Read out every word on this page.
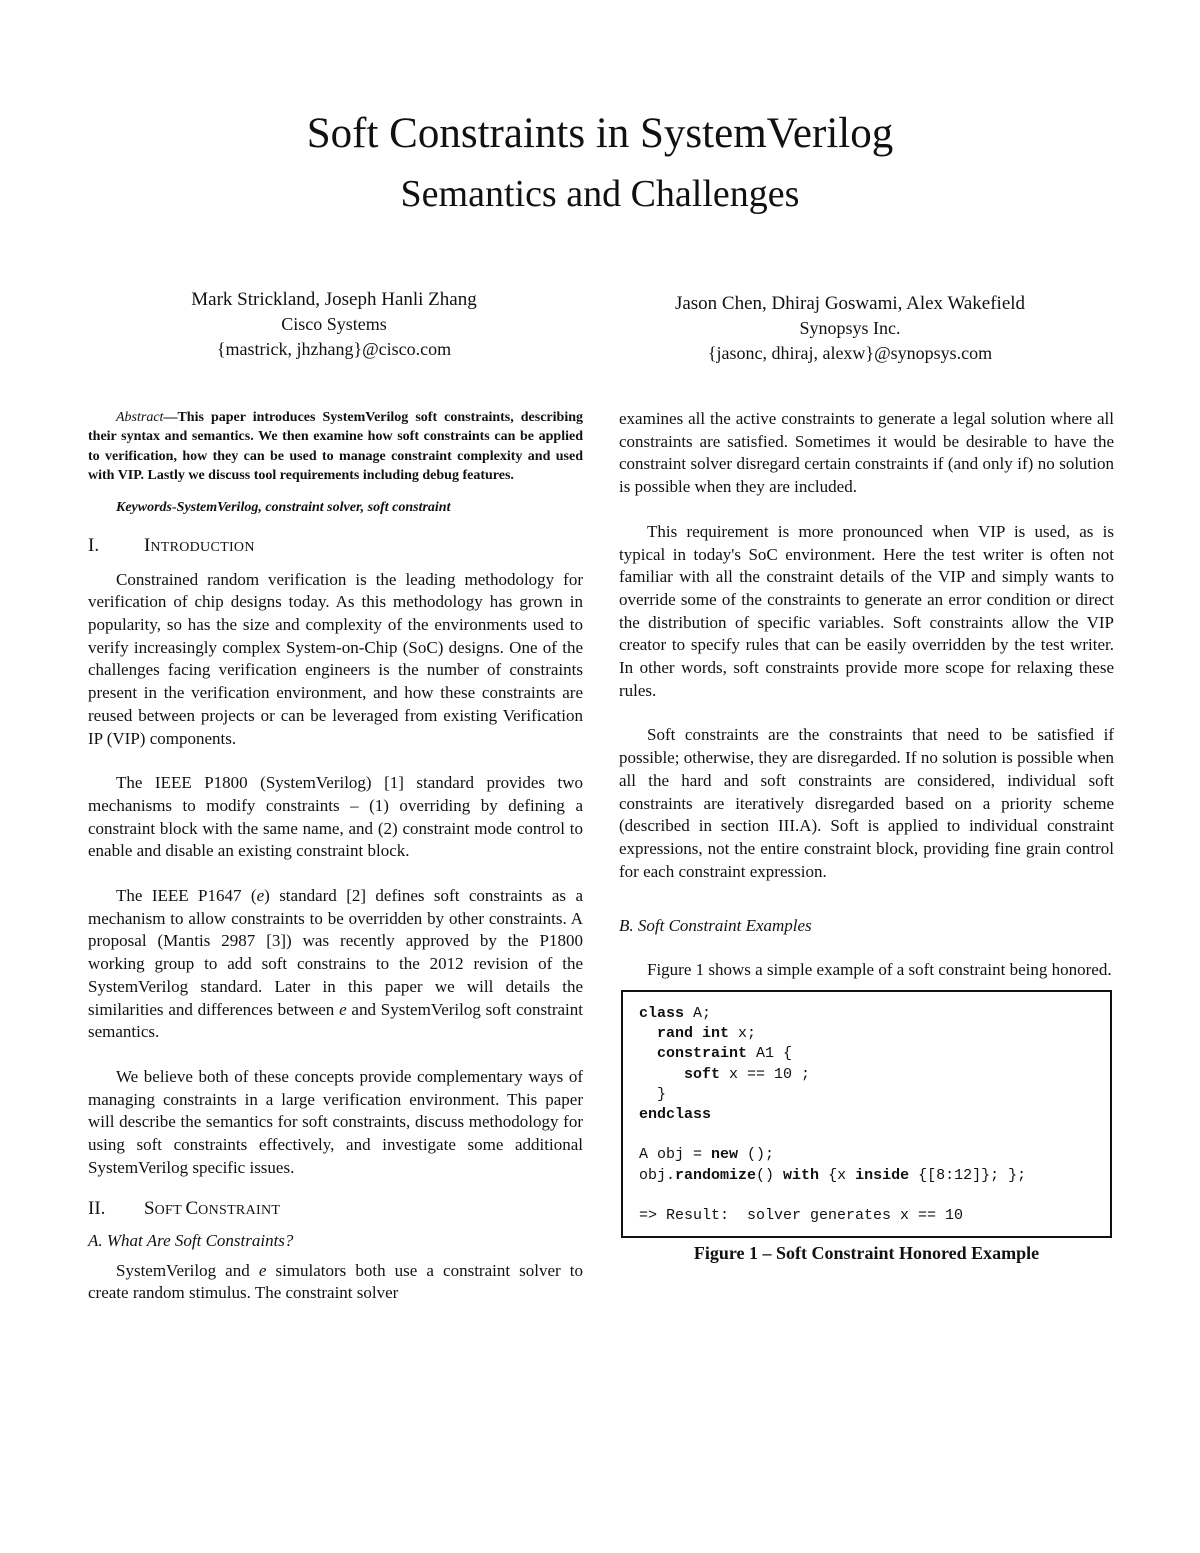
Soft Constraints in SystemVerilog
Semantics and Challenges
Mark Strickland, Joseph Hanli Zhang
Cisco Systems
{mastrick, jhzhang}@cisco.com
Jason Chen, Dhiraj Goswami, Alex Wakefield
Synopsys Inc.
{jasonc, dhiraj, alexw}@synopsys.com

Abstract—This paper introduces SystemVerilog soft constraints, describing their syntax and semantics. We then examine how soft constraints can be applied to verification, how they can be used to manage constraint complexity and used with VIP. Lastly we discuss tool requirements including debug features.

Keywords-SystemVerilog, constraint solver, soft constraint

I. INTRODUCTION

Constrained random verification is the leading methodology for verification of chip designs today. As this methodology has grown in popularity, so has the size and complexity of the environments used to verify increasingly complex System-on-Chip (SoC) designs. One of the challenges facing verification engineers is the number of constraints present in the verification environment, and how these constraints are reused between projects or can be leveraged from existing Verification IP (VIP) components.

The IEEE P1800 (SystemVerilog) [1] standard provides two mechanisms to modify constraints – (1) overriding by defining a constraint block with the same name, and (2) constraint mode control to enable and disable an existing constraint block.

The IEEE P1647 (e) standard [2] defines soft constraints as a mechanism to allow constraints to be overridden by other constraints. A proposal (Mantis 2987 [3]) was recently approved by the P1800 working group to add soft constrains to the 2012 revision of the SystemVerilog standard. Later in this paper we will details the similarities and differences between e and SystemVerilog soft constraint semantics.

We believe both of these concepts provide complementary ways of managing constraints in a large verification environment. This paper will describe the semantics for soft constraints, discuss methodology for using soft constraints effectively, and investigate some additional SystemVerilog specific issues.

II. SOFT CONSTRAINT
A. What Are Soft Constraints?

SystemVerilog and e simulators both use a constraint solver to create random stimulus. The constraint solver

examines all the active constraints to generate a legal solution where all constraints are satisfied. Sometimes it would be desirable to have the constraint solver disregard certain constraints if (and only if) no solution is possible when they are included.

This requirement is more pronounced when VIP is used, as is typical in today's SoC environment. Here the test writer is often not familiar with all the constraint details of the VIP and simply wants to override some of the constraints to generate an error condition or direct the distribution of specific variables. Soft constraints allow the VIP creator to specify rules that can be easily overridden by the test writer. In other words, soft constraints provide more scope for relaxing these rules.

Soft constraints are the constraints that need to be satisfied if possible; otherwise, they are disregarded. If no solution is possible when all the hard and soft constraints are considered, individual soft constraints are iteratively disregarded based on a priority scheme (described in section III.A). Soft is applied to individual constraint expressions, not the entire constraint block, providing fine grain control for each constraint expression.

B. Soft Constraint Examples

Figure 1 shows a simple example of a soft constraint being honored.

class A;
rand int x;
constraint A1 {
soft x == 10 ;
}
endclass
A obj = new ();
obj.randomize() with {x inside {[8:12]}; };
=> Result:  solver generates x == 10
Figure 1 – Soft Constraint Honored Example
